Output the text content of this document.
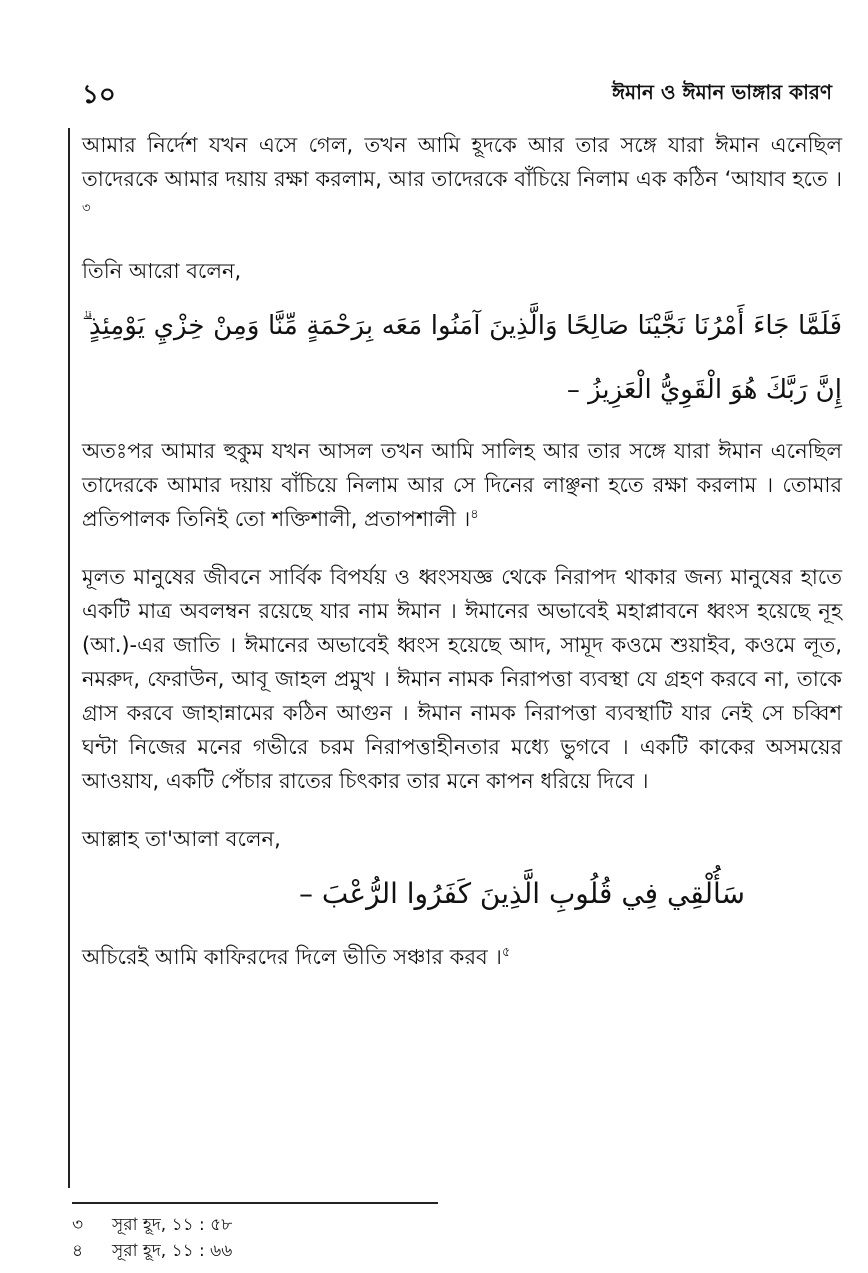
১০	ঈমান ও ঈমান ভাঙ্গার কারণ

আমার নির্দেশ যখন এসে গেল, তখন আমি হূদকে আর তার সঙ্গে যারা ঈমান এনেছিল তাদেরকে আমার দয়ায় রক্ষা করলাম, আর তাদেরকে বাঁচিয়ে নিলাম এক কঠিন ‘আযাব হতে ।$^৩$

তিনি আরো বলেন,

فَلَمَّا جَاءَ أَمْرُنَا نَجَّيْنَا صَالِحًا وَالَّذِينَ آمَنُوا مَعَه بِرَحْمَةٍ مِّنَّا وَمِنْ خِزْيِ يَوْمِئِذٍ ۗ إِنَّ رَبَّكَ هُوَ الْقَوِيُّ الْعَزِيزُ –

অতঃপর আমার হুকুম যখন আসল তখন আমি সালিহ আর তার সঙ্গে যারা ঈমান এনেছিল তাদেরকে আমার দয়ায় বাঁচিয়ে নিলাম আর সে দিনের লাঞ্ছনা হতে রক্ষা করলাম । তোমার প্রতিপালক তিনিই তো শক্তিশালী, প্রতাপশালী ।$^৪$

মূলত মানুষের জীবনে সার্বিক বিপর্যয় ও ধ্বংসযজ্ঞ থেকে নিরাপদ থাকার জন্য মানুষের হাতে একটি মাত্র অবলম্বন রয়েছে যার নাম ঈমান । ঈমানের অভাবেই মহাপ্লাবনে ধ্বংস হয়েছে নূহ (আ.)-এর জাতি । ঈমানের অভাবেই ধ্বংস হয়েছে আদ, সামূদ কওমে শুয়াইব, কওমে লূত, নমরুদ, ফেরাউন, আবূ জাহল প্রমুখ । ঈমান নামক নিরাপত্তা ব্যবস্থা যে গ্রহণ করবে না, তাকে গ্রাস করবে জাহান্নামের কঠিন আগুন । ঈমান নামক নিরাপত্তা ব্যবস্থাটি যার নেই সে চব্বিশ ঘন্টা নিজের মনের গভীরে চরম নিরাপত্তাহীনতার মধ্যে ভুগবে । একটি কাকের অসময়ের আওয়ায, একটি পেঁচার রাতের চিৎকার তার মনে কাপন ধরিয়ে দিবে ।

আল্লাহ তা'আলা বলেন,

سَأُلْقِي فِي قُلُوبِ الَّذِينَ كَفَرُوا الرُّعْبَ –

অচিরেই আমি কাফিরদের দিলে ভীতি সঞ্চার করব ।$^৫$

৩ সূরা হূদ, ১১ : ৫৮
৪ সূরা হূদ, ১১ : ৬৬
